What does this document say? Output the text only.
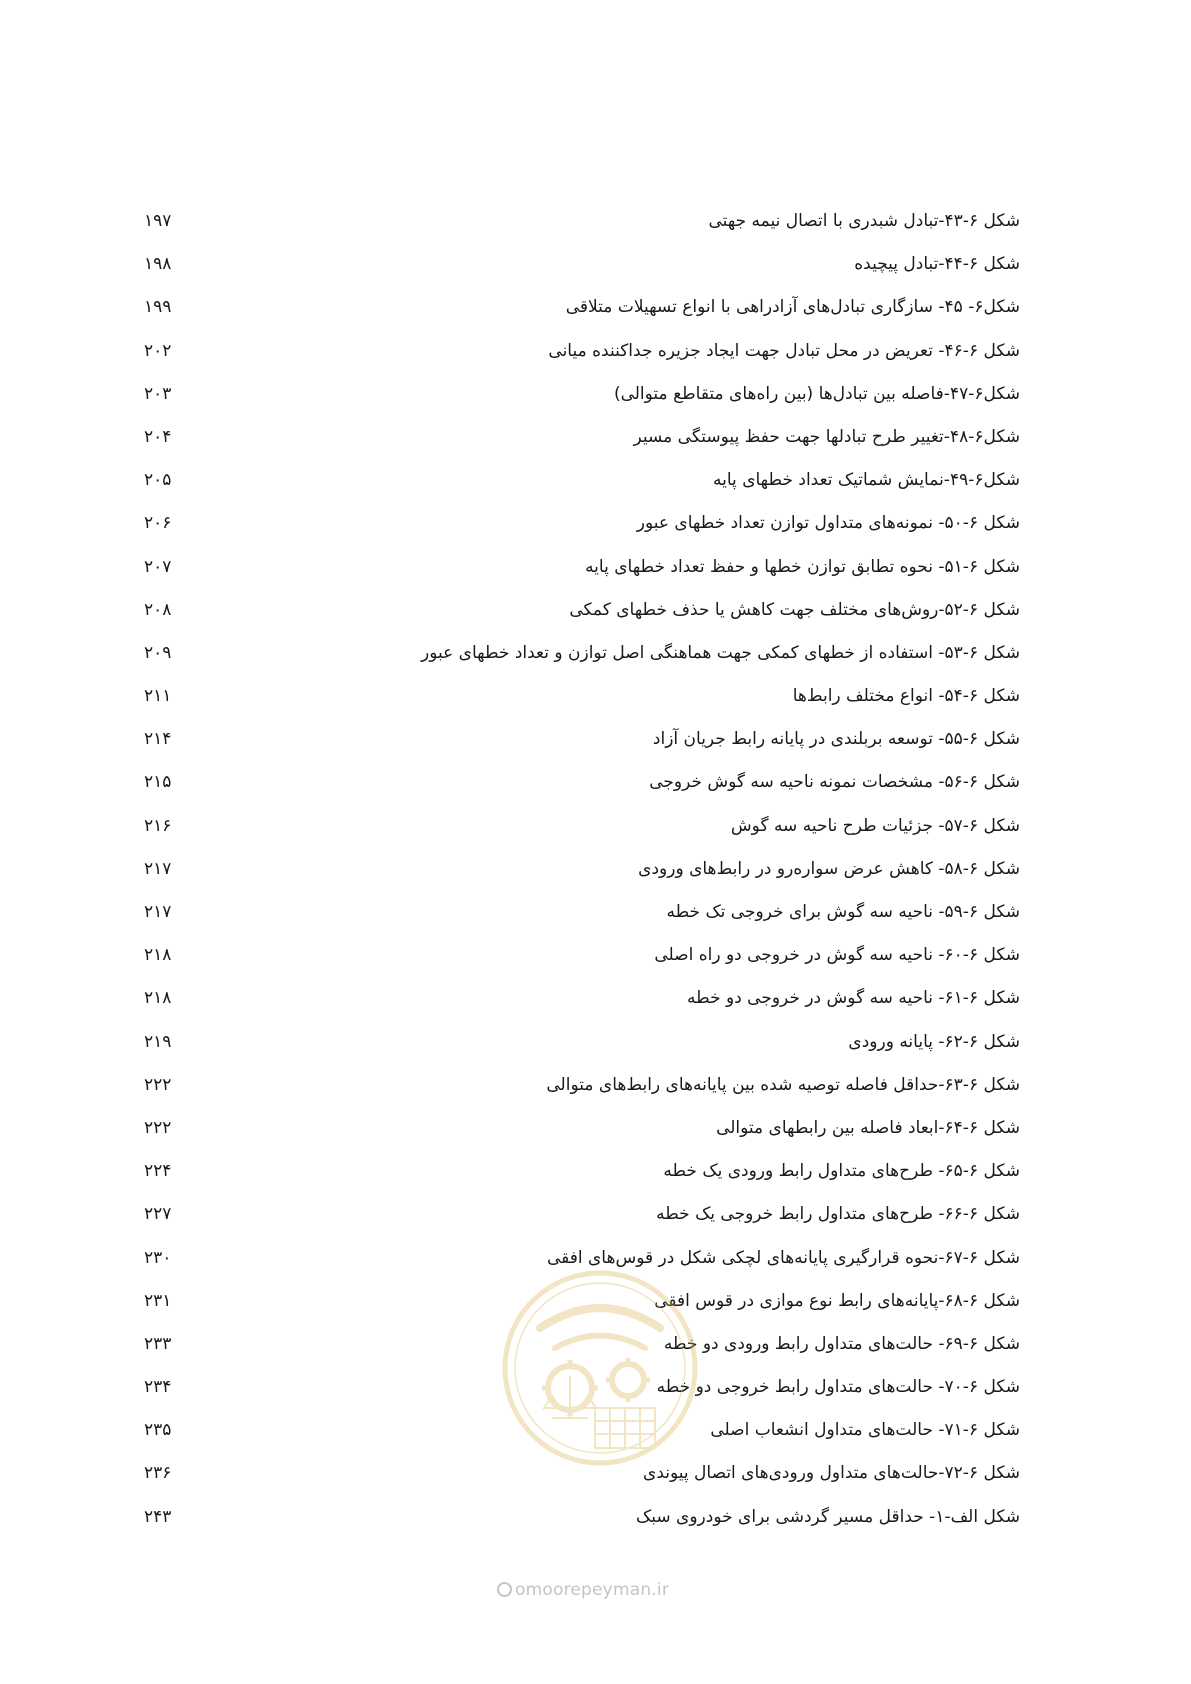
شکل ۶-۴۳-تبادل شبدری با اتصال نیمه جهتی
۱۹۷
شکل ۶-۴۴-تبادل پیچیده
۱۹۸
شکل۶- ۴۵- سازگاری تبادل‌های آزادراهی با انواع تسهیلات متلاقی
۱۹۹
شکل ۶-۴۶- تعریض در محل تبادل جهت ایجاد جزیره جداکننده میانی
۲۰۲
شکل۶-۴۷-فاصله بین تبادل‌ها (بین راه‌های متقاطع متوالی)
۲۰۳
شکل۶-۴۸-تغییر طرح تبادلها جهت حفظ پیوستگی مسیر
۲۰۴
شکل۶-۴۹-نمایش شماتیک تعداد خطهای پایه
۲۰۵
شکل ۶-۵۰- نمونه‌های متداول توازن تعداد خطهای عبور
۲۰۶
شکل ۶-۵۱- نحوه تطابق توازن خطها و حفظ تعداد خطهای پایه
۲۰۷
شکل ۶-۵۲-روش‌های مختلف جهت کاهش یا حذف خطهای کمکی
۲۰۸
شکل ۶-۵۳- استفاده از خطهای کمکی جهت هماهنگی اصل توازن و تعداد خطهای عبور
۲۰۹
شکل ۶-۵۴- انواع مختلف رابط‌ها
۲۱۱
شکل ۶-۵۵- توسعه بربلندی در پایانه رابط جریان آزاد
۲۱۴
شکل ۶-۵۶- مشخصات نمونه ناحیه سه گوش خروجی
۲۱۵
شکل ۶-۵۷- جزئیات طرح ناحیه سه گوش
۲۱۶
شکل ۶-۵۸- کاهش عرض سواره‌رو در رابط‌های ورودی
۲۱۷
شکل ۶-۵۹- ناحیه سه گوش برای خروجی تک خطه
۲۱۷
شکل ۶-۶۰- ناحیه سه گوش در خروجی دو راه اصلی
۲۱۸
شکل ۶-۶۱- ناحیه سه گوش در خروجی دو خطه
۲۱۸
شکل ۶-۶۲- پایانه ورودی
۲۱۹
شکل ۶-۶۳-حداقل فاصله توصیه شده بین پایانه‌های رابط‌های متوالی
۲۲۲
شکل ۶-۶۴-ابعاد فاصله بین رابطهای متوالی
۲۲۲
شکل ۶-۶۵- طرح‌های متداول رابط ورودی یک خطه
۲۲۴
شکل ۶-۶۶- طرح‌های متداول رابط خروجی یک خطه
۲۲۷
شکل ۶-۶۷-نحوه قرارگیری پایانه‌های لچکی شکل در قوس‌های افقی
۲۳۰
شکل ۶-۶۸-پایانه‌های رابط نوع موازی در قوس افقی
۲۳۱
شکل ۶-۶۹- حالت‌های متداول رابط ورودی دو خطه
۲۳۳
شکل ۶-۷۰- حالت‌های متداول رابط خروجی دو خطه
۲۳۴
شکل ۶-۷۱- حالت‌های متداول انشعاب اصلی
۲۳۵
شکل ۶-۷۲-حالت‌های متداول ورودی‌های اتصال پیوندی
۲۳۶
شکل الف-۱- حداقل مسیر گردشی برای خودروی سبک
۲۴۳
omoorepeyman.ir
